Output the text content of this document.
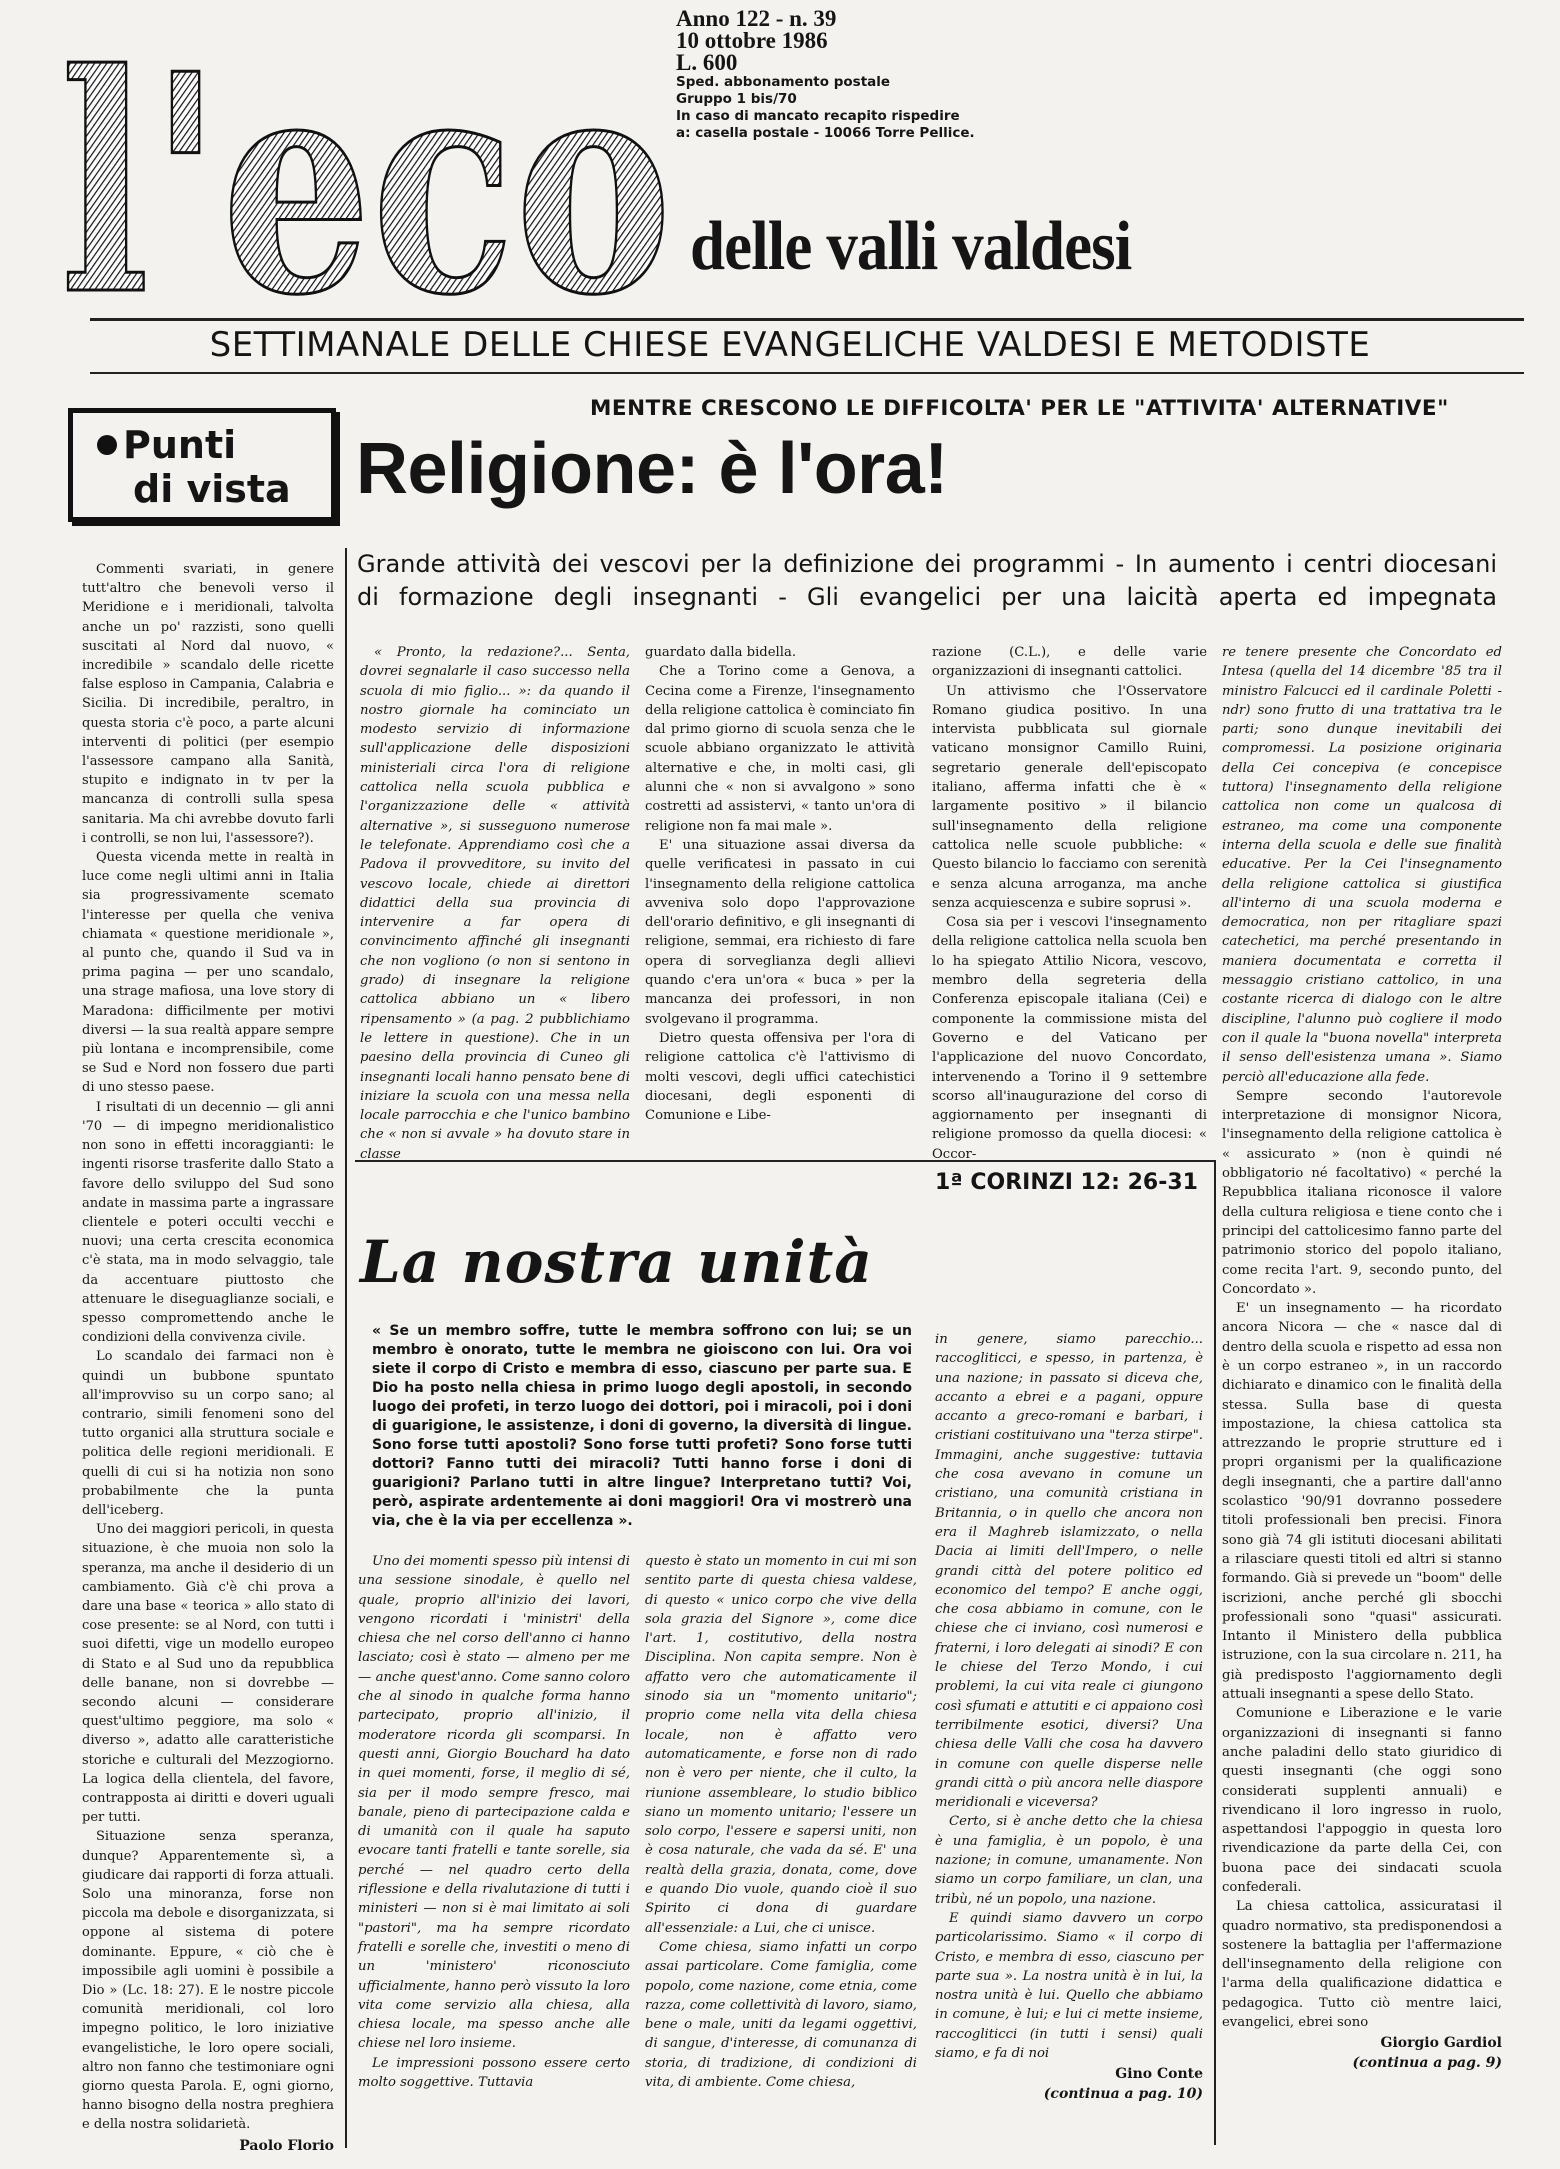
l'eco Anno 122 - n. 39
10 ottobre 1986
L. 600
Sped. abbonamento postale
Gruppo 1 bis/70
In caso di mancato recapito rispedire
a: casella postale - 10066 Torre Pellice.
delle valli valdesi
SETTIMANALE DELLE CHIESE EVANGELICHE VALDESI E METODISTE
Punti
di vista
MENTRE CRESCONO LE DIFFICOLTA' PER LE "ATTIVITA' ALTERNATIVE"
Religione: è l'ora!

Grande attività dei vescovi per la definizione dei programmi - In aumento i centri diocesani

di formazione degli insegnanti - Gli evangelici per una laicità aperta ed impegnata

Commenti svariati, in genere tutt'altro che benevoli verso il Meridione e i meridionali, talvolta anche un po' razzisti, sono quelli suscitati al Nord dal nuovo, « incredibile » scandalo delle ricette false esploso in Campania, Calabria e Sicilia. Di incredibile, peraltro, in questa storia c'è poco, a parte alcuni interventi di politici (per esempio l'assessore campano alla Sanità, stupito e indignato in tv per la mancanza di controlli sulla spesa sanitaria. Ma chi avrebbe dovuto farli i controlli, se non lui, l'assessore?).

Questa vicenda mette in realtà in luce come negli ultimi anni in Italia sia progressivamente scemato l'interesse per quella che veniva chiamata « questione meridionale », al punto che, quando il Sud va in prima pagina — per uno scandalo, una strage mafiosa, una love story di Maradona: difficilmente per motivi diversi — la sua realtà appare sempre più lontana e incomprensibile, come se Sud e Nord non fossero due parti di uno stesso paese.

I risultati di un decennio — gli anni '70 — di impegno meridionalistico non sono in effetti incoraggianti: le ingenti risorse trasferite dallo Stato a favore dello sviluppo del Sud sono andate in massima parte a ingrassare clientele e poteri occulti vecchi e nuovi; una certa crescita economica c'è stata, ma in modo selvaggio, tale da accentuare piuttosto che attenuare le diseguaglianze sociali, e spesso compromettendo anche le condizioni della convivenza civile.

Lo scandalo dei farmaci non è quindi un bubbone spuntato all'improvviso su un corpo sano; al contrario, simili fenomeni sono del tutto organici alla struttura sociale e politica delle regioni meridionali. E quelli di cui si ha notizia non sono probabilmente che la punta dell'iceberg.

Uno dei maggiori pericoli, in questa situazione, è che muoia non solo la speranza, ma anche il desiderio di un cambiamento. Già c'è chi prova a dare una base « teorica » allo stato di cose presente: se al Nord, con tutti i suoi difetti, vige un modello europeo di Stato e al Sud uno da repubblica delle banane, non si dovrebbe — secondo alcuni — considerare quest'ultimo peggiore, ma solo « diverso », adatto alle caratteristiche storiche e culturali del Mezzogiorno. La logica della clientela, del favore, contrapposta ai diritti e doveri uguali per tutti.

Situazione senza speranza, dunque? Apparentemente sì, a giudicare dai rapporti di forza attuali. Solo una minoranza, forse non piccola ma debole e disorganizzata, si oppone al sistema di potere dominante. Eppure, « ciò che è impossibile agli uomini è possibile a Dio » (Lc. 18: 27). E le nostre piccole comunità meridionali, col loro impegno politico, le loro iniziative evangelistiche, le loro opere sociali, altro non fanno che testimoniare ogni giorno questa Parola. E, ogni giorno, hanno bisogno della nostra preghiera e della nostra solidarietà.

Paolo Florio

« Pronto, la redazione?... Senta, dovrei segnalarle il caso successo nella scuola di mio figlio... »: da quando il nostro giornale ha cominciato un modesto servizio di informazione sull'applicazione delle disposizioni ministeriali circa l'ora di religione cattolica nella scuola pubblica e l'organizzazione delle « attività alternative », si susseguono numerose le telefonate. Apprendiamo così che a Padova il provveditore, su invito del vescovo locale, chiede ai direttori didattici della sua provincia di intervenire a far opera di convincimento affinché gli insegnanti che non vogliono (o non si sentono in grado) di insegnare la religione cattolica abbiano un « libero ripensamento » (a pag. 2 pubblichiamo le lettere in questione). Che in un paesino della provincia di Cuneo gli insegnanti locali hanno pensato bene di iniziare la scuola con una messa nella locale parrocchia e che l'unico bambino che « non si avvale » ha dovuto stare in classe

guardato dalla bidella.

Che a Torino come a Genova, a Cecina come a Firenze, l'insegnamento della religione cattolica è cominciato fin dal primo giorno di scuola senza che le scuole abbiano organizzato le attività alternative e che, in molti casi, gli alunni che « non si avvalgono » sono costretti ad assistervi, « tanto un'ora di religione non fa mai male ».

E' una situazione assai diversa da quelle verificatesi in passato in cui l'insegnamento della religione cattolica avveniva solo dopo l'approvazione dell'orario definitivo, e gli insegnanti di religione, semmai, era richiesto di fare opera di sorveglianza degli allievi quando c'era un'ora « buca » per la mancanza dei professori, in non svolgevano il programma.

Dietro questa offensiva per l'ora di religione cattolica c'è l'attivismo di molti vescovi, degli uffici catechistici diocesani, degli esponenti di Comunione e Libe-

razione (C.L.), e delle varie organizzazioni di insegnanti cattolici.

Un attivismo che l'Osservatore Romano giudica positivo. In una intervista pubblicata sul giornale vaticano monsignor Camillo Ruini, segretario generale dell'episcopato italiano, afferma infatti che è « largamente positivo » il bilancio sull'insegnamento della religione cattolica nelle scuole pubbliche: « Questo bilancio lo facciamo con serenità e senza alcuna arroganza, ma anche senza acquiescenza e subire soprusi ».

Cosa sia per i vescovi l'insegnamento della religione cattolica nella scuola ben lo ha spiegato Attilio Nicora, vescovo, membro della segreteria della Conferenza episcopale italiana (Cei) e componente la commissione mista del Governo e del Vaticano per l'applicazione del nuovo Concordato, intervenendo a Torino il 9 settembre scorso all'inaugurazione del corso di aggiornamento per insegnanti di religione promosso da quella diocesi: « Occor-

re tenere presente che Concordato ed Intesa (quella del 14 dicembre '85 tra il ministro Falcucci ed il cardinale Poletti - ndr) sono frutto di una trattativa tra le parti; sono dunque inevitabili dei compromessi. La posizione originaria della Cei concepiva (e concepisce tuttora) l'insegnamento della religione cattolica non come un qualcosa di estraneo, ma come una componente interna della scuola e delle sue finalità educative. Per la Cei l'insegnamento della religione cattolica si giustifica all'interno di una scuola moderna e democratica, non per ritagliare spazi catechetici, ma perché presentando in maniera documentata e corretta il messaggio cristiano cattolico, in una costante ricerca di dialogo con le altre discipline, l'alunno può cogliere il modo con il quale la "buona novella" interpreta il senso dell'esistenza umana ». Siamo perciò all'educazione alla fede.

Sempre secondo l'autorevole interpretazione di monsignor Nicora, l'insegnamento della religione cattolica è « assicurato » (non è quindi né obbligatorio né facoltativo) « perché la Repubblica italiana riconosce il valore della cultura religiosa e tiene conto che i principi del cattolicesimo fanno parte del patrimonio storico del popolo italiano, come recita l'art. 9, secondo punto, del Concordato ».

E' un insegnamento — ha ricordato ancora Nicora — che « nasce dal di dentro della scuola e rispetto ad essa non è un corpo estraneo », in un raccordo dichiarato e dinamico con le finalità della stessa. Sulla base di questa impostazione, la chiesa cattolica sta attrezzando le proprie strutture ed i propri organismi per la qualificazione degli insegnanti, che a partire dall'anno scolastico '90/91 dovranno possedere titoli professionali ben precisi. Finora sono già 74 gli istituti diocesani abilitati a rilasciare questi titoli ed altri si stanno formando. Già si prevede un "boom" delle iscrizioni, anche perché gli sbocchi professionali sono "quasi" assicurati. Intanto il Ministero della pubblica istruzione, con la sua circolare n. 211, ha già predisposto l'aggiornamento degli attuali insegnanti a spese dello Stato.

Comunione e Liberazione e le varie organizzazioni di insegnanti si fanno anche paladini dello stato giuridico di questi insegnanti (che oggi sono considerati supplenti annuali) e rivendicano il loro ingresso in ruolo, aspettandosi l'appoggio in questa loro rivendicazione da parte della Cei, con buona pace dei sindacati scuola confederali.

La chiesa cattolica, assicuratasi il quadro normativo, sta predisponendosi a sostenere la battaglia per l'affermazione dell'insegnamento della religione con l'arma della qualificazione didattica e pedagogica. Tutto ciò mentre laici, evangelici, ebrei sono

Giorgio Gardiol

(continua a pag. 9)

1ª CORINZI 12: 26-31
La nostra unità
« Se un membro soffre, tutte le membra soffrono con lui; se un membro è onorato, tutte le membra ne gioiscono con lui. Ora voi siete il corpo di Cristo e membra di esso, ciascuno per parte sua. E Dio ha posto nella chiesa in primo luogo degli apostoli, in secondo luogo dei profeti, in terzo luogo dei dottori, poi i miracoli, poi i doni di guarigione, le assistenze, i doni di governo, la diversità di lingue. Sono forse tutti apostoli? Sono forse tutti profeti? Sono forse tutti dottori? Fanno tutti dei miracoli? Tutti hanno forse i doni di guarigioni? Parlano tutti in altre lingue? Interpretano tutti? Voi, però, aspirate ardentemente ai doni maggiori! Ora vi mostrerò una via, che è la via per eccellenza ».

Uno dei momenti spesso più intensi di una sessione sinodale, è quello nel quale, proprio all'inizio dei lavori, vengono ricordati i 'ministri' della chiesa che nel corso dell'anno ci hanno lasciato; così è stato — almeno per me — anche quest'anno. Come sanno coloro che al sinodo in qualche forma hanno partecipato, proprio all'inizio, il moderatore ricorda gli scomparsi. In questi anni, Giorgio Bouchard ha dato in quei momenti, forse, il meglio di sé, sia per il modo sempre fresco, mai banale, pieno di partecipazione calda e di umanità con il quale ha saputo evocare tanti fratelli e tante sorelle, sia perché — nel quadro certo della riflessione e della rivalutazione di tutti i ministeri — non si è mai limitato ai soli "pastori", ma ha sempre ricordato fratelli e sorelle che, investiti o meno di un 'ministero' riconosciuto ufficialmente, hanno però vissuto la loro vita come servizio alla chiesa, alla chiesa locale, ma spesso anche alle chiese nel loro insieme.

Le impressioni possono essere certo molto soggettive. Tuttavia

questo è stato un momento in cui mi son sentito parte di questa chiesa valdese, di questo « unico corpo che vive della sola grazia del Signore », come dice l'art. 1, costitutivo, della nostra Disciplina. Non capita sempre. Non è affatto vero che automaticamente il sinodo sia un "momento unitario"; proprio come nella vita della chiesa locale, non è affatto vero automaticamente, e forse non di rado non è vero per niente, che il culto, la riunione assembleare, lo studio biblico siano un momento unitario; l'essere un solo corpo, l'essere e sapersi uniti, non è cosa naturale, che vada da sé. E' una realtà della grazia, donata, come, dove e quando Dio vuole, quando cioè il suo Spirito ci dona di guardare all'essenziale: a Lui, che ci unisce.

Come chiesa, siamo infatti un corpo assai particolare. Come famiglia, come popolo, come nazione, come etnia, come razza, come collettività di lavoro, siamo, bene o male, uniti da legami oggettivi, di sangue, d'interesse, di comunanza di storia, di tradizione, di condizioni di vita, di ambiente. Come chiesa,

in genere, siamo parecchio... raccogliticci, e spesso, in partenza, è una nazione; in passato si diceva che, accanto a ebrei e a pagani, oppure accanto a greco-romani e barbari, i cristiani costituivano una "terza stirpe". Immagini, anche suggestive: tuttavia che cosa avevano in comune un cristiano, una comunità cristiana in Britannia, o in quello che ancora non era il Maghreb islamizzato, o nella Dacia ai limiti dell'Impero, o nelle grandi città del potere politico ed economico del tempo? E anche oggi, che cosa abbiamo in comune, con le chiese che ci inviano, così numerosi e fraterni, i loro delegati ai sinodi? E con le chiese del Terzo Mondo, i cui problemi, la cui vita reale ci giungono così sfumati e attutiti e ci appaiono così terribilmente esotici, diversi? Una chiesa delle Valli che cosa ha davvero in comune con quelle disperse nelle grandi città o più ancora nelle diaspore meridionali e viceversa?

Certo, si è anche detto che la chiesa è una famiglia, è un popolo, è una nazione; in comune, umanamente. Non siamo un corpo familiare, un clan, una tribù, né un popolo, una nazione.

E quindi siamo davvero un corpo particolarissimo. Siamo « il corpo di Cristo, e membra di esso, ciascuno per parte sua ». La nostra unità è in lui, la nostra unità è lui. Quello che abbiamo in comune, è lui; e lui ci mette insieme, raccogliticci (in tutti i sensi) quali siamo, e fa di noi

Gino Conte

(continua a pag. 10)
